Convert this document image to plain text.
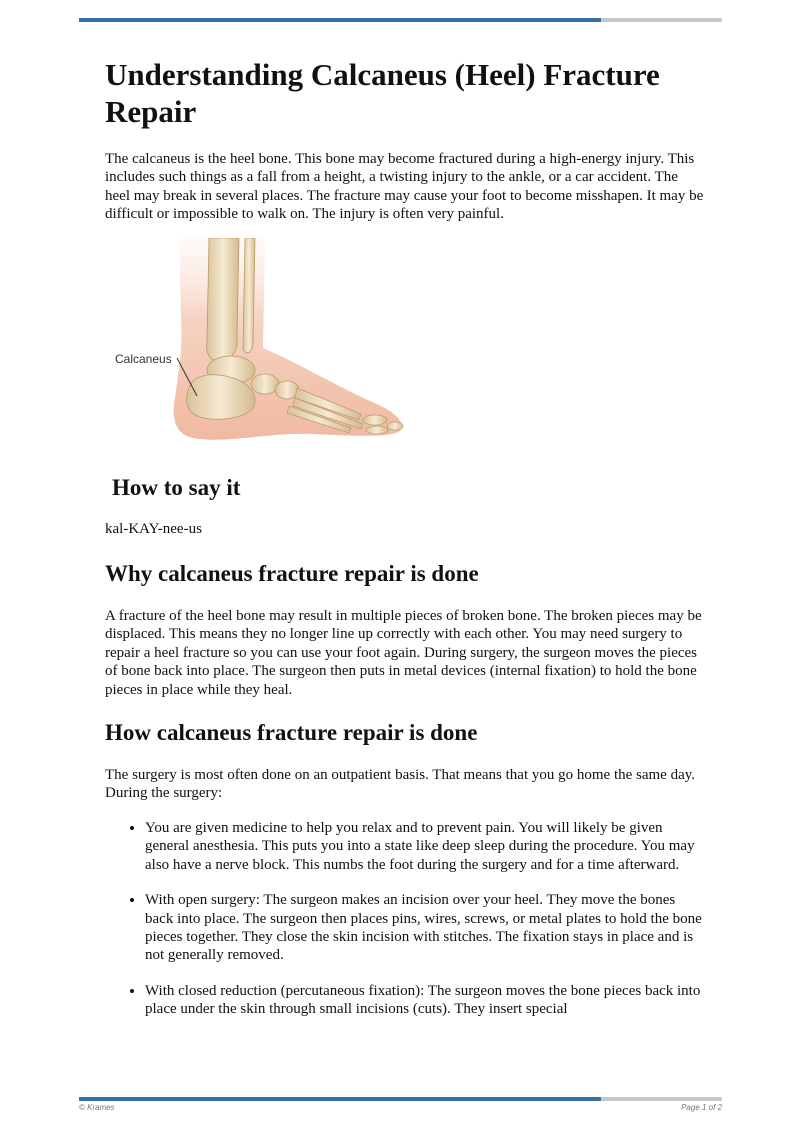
Understanding Calcaneus (Heel) Fracture Repair

The calcaneus is the heel bone. This bone may become fractured during a high-energy injury. This includes such things as a fall from a height, a twisting injury to the ankle, or a car accident. The heel may break in several places. The fracture may cause your foot to become misshapen. It may be difficult or impossible to walk on. The injury is often very painful.

Calcaneus
How to say it

kal-KAY-nee-us

Why calcaneus fracture repair is done

A fracture of the heel bone may result in multiple pieces of broken bone. The broken pieces may be displaced. This means they no longer line up correctly with each other. You may need surgery to repair a heel fracture so you can use your foot again. During surgery, the surgeon moves the pieces of bone back into place. The surgeon then puts in metal devices (internal fixation) to hold the bone pieces in place while they heal.

How calcaneus fracture repair is done

The surgery is most often done on an outpatient basis. That means that you go home the same day. During the surgery:

• You are given medicine to help you relax and to prevent pain. You will likely be given general anesthesia. This puts you into a state like deep sleep during the procedure. You may also have a nerve block. This numbs the foot during the surgery and for a time afterward.
• With open surgery: The surgeon makes an incision over your heel. They move the bones back into place. The surgeon then places pins, wires, screws, or metal plates to hold the bone pieces together. They close the skin incision with stitches. The fixation stays in place and is not generally removed.
• With closed reduction (percutaneous fixation): The surgeon moves the bone pieces back into place under the skin through small incisions (cuts). They insert special
© Krames	Page 1 of 2
